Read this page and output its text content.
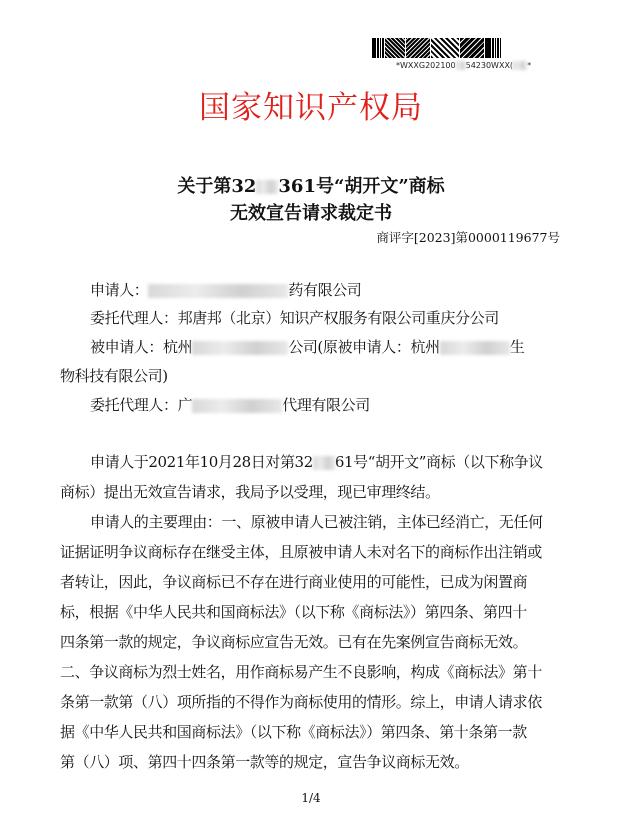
*WXXG202100 54230WXX( *
国家知识产权局
关于第32 361号“胡开文”商标
无效宣告请求裁定书
商评字[2023]第0000119677号
申请人：	药有限公司
委托代理人：邦唐邦（北京）知识产权服务有限公司重庆分公司
被申请人：杭州	公司(原被申请人：杭州	生
物科技有限公司)
委托代理人：广	代理有限公司
申请人于2021年10月28日对第32 61号“胡开文”商标（以下称争议
商标）提出无效宣告请求，我局予以受理，现已审理终结。
申请人的主要理由：一、原被申请人已被注销，主体已经消亡，无任何
证据证明争议商标存在继受主体，且原被申请人未对名下的商标作出注销或
者转让，因此，争议商标已不存在进行商业使用的可能性，已成为闲置商
标，根据《中华人民共和国商标法》（以下称《商标法》）第四条、第四十
四条第一款的规定，争议商标应宣告无效。已有在先案例宣告商标无效。
二、争议商标为烈士姓名，用作商标易产生不良影响，构成《商标法》第十
条第一款第（八）项所指的不得作为商标使用的情形。综上，申请人请求依
据《中华人民共和国商标法》（以下称《商标法》）第四条、第十条第一款
第（八）项、第四十四条第一款等的规定，宣告争议商标无效。
1/4
